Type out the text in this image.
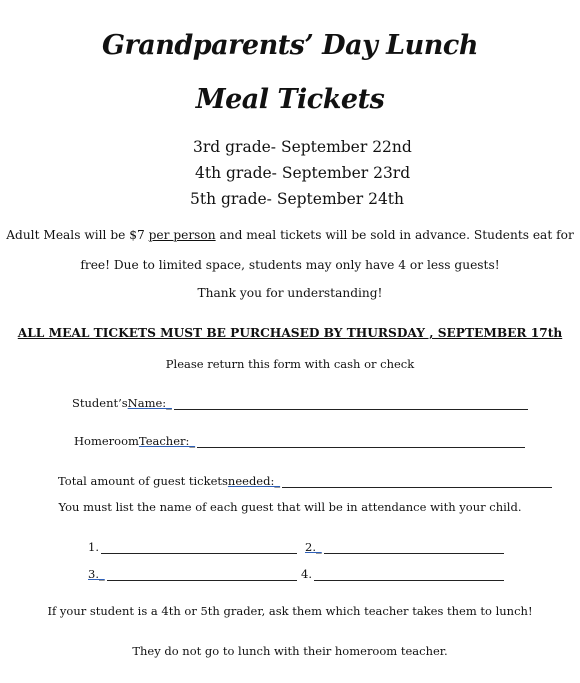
Grandparents’ Day Lunch
Meal Tickets
3rd grade- September 22nd
4th grade- September 23rd
5th grade- September 24th
Adult Meals will be $7 per person and meal tickets will be sold in advance. Students eat for
free! Due to limited space, students may only have 4 or less guests!
Thank you for understanding!
ALL MEAL TICKETS MUST BE PURCHASED BY THURSDAY , SEPTEMBER 17th
Please return this form with cash or check
Student’s Name:_
Homeroom Teacher:_
Total amount of guest tickets needed:_
You must list the name of each guest that will be in attendance with your child.
1.	2._
3._	4.
If your student is a 4th or 5th grader, ask them which teacher takes them to lunch!
They do not go to lunch with their homeroom teacher.
